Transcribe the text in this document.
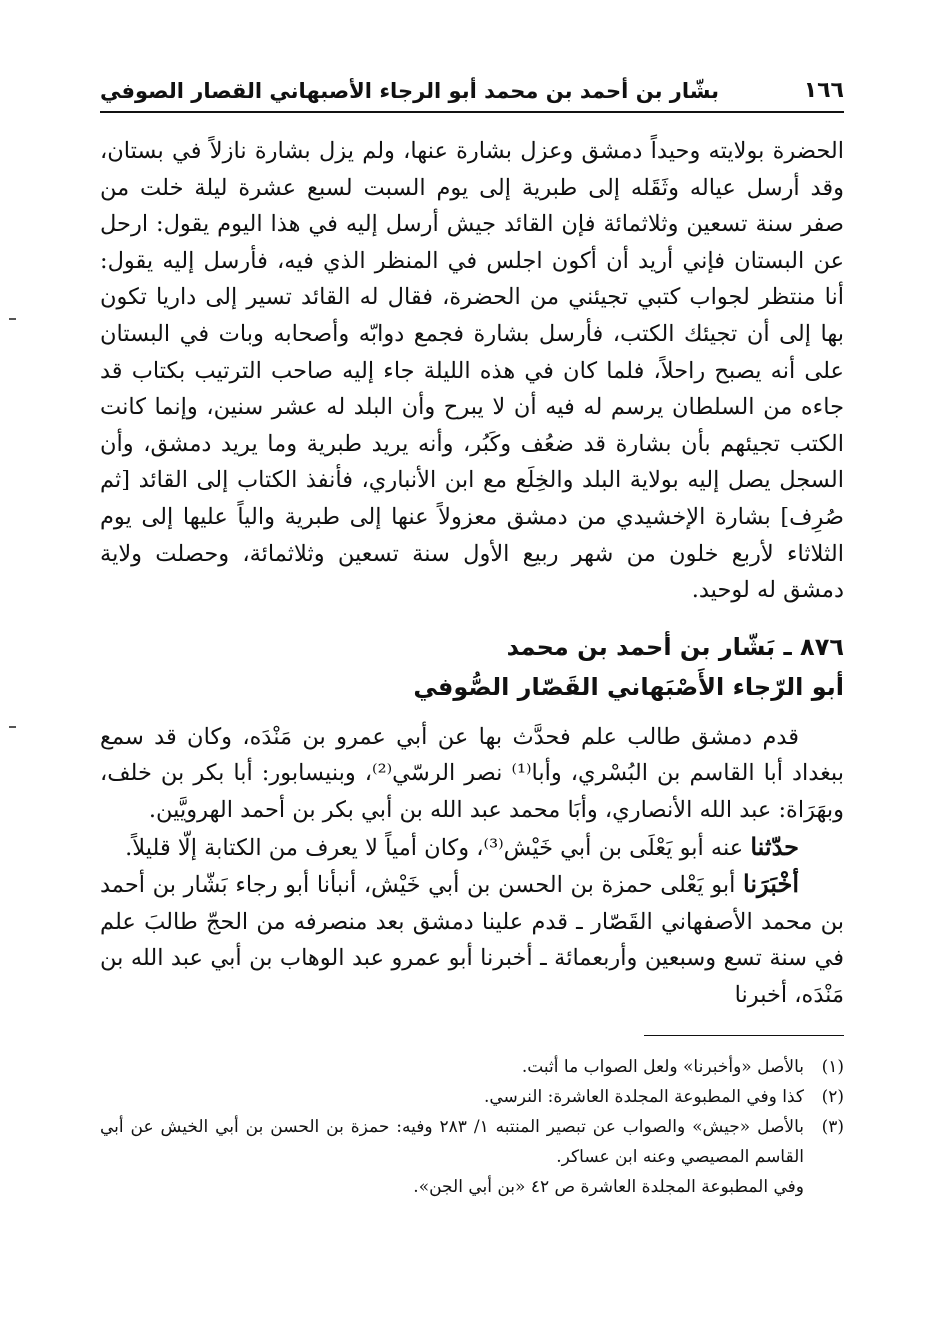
١٦٦
بشّار بن أحمد بن محمد أبو الرجاء الأصبهاني القصار الصوفي

الحضرة بولايته وحيداً دمشق وعزل بشارة عنها، ولم يزل بشارة نازلاً في بستان، وقد أرسل عياله وثَقَله إلى طبرية إلى يوم السبت لسبع عشرة ليلة خلت من صفر سنة تسعين وثلاثمائة فإن القائد جيش أرسل إليه في هذا اليوم يقول: ارحل عن البستان فإني أريد أن أكون اجلس في المنظر الذي فيه، فأرسل إليه يقول: أنا منتظر لجواب كتبي تجيئني من الحضرة، فقال له القائد تسير إلى داريا تكون بها إلى أن تجيئك الكتب، فأرسل بشارة فجمع دوابّه وأصحابه وبات في البستان على أنه يصبح راحلاً، فلما كان في هذه الليلة جاء إليه صاحب الترتيب بكتاب قد جاءه من السلطان يرسم له فيه أن لا يبرح وأن البلد له عشر سنين، وإنما كانت الكتب تجيئهم بأن بشارة قد ضعُف وكَبُر، وأنه يريد طبرية وما يريد دمشق، وأن السجل يصل إليه بولاية البلد والخِلَع مع ابن الأنباري، فأنفذ الكتاب إلى القائد [ثم صُرِف] بشارة الإخشيدي من دمشق معزولاً عنها إلى طبرية والياً عليها إلى يوم الثلاثاء لأربع خلون من شهر ربيع الأول سنة تسعين وثلاثمائة، وحصلت ولاية دمشق له لوحيد.

٨٧٦ ـ بَشّار بن أحمد بن محمد
أبو الرّجاء الأَصْبَهاني القَصّار الصُّوفي

قدم دمشق طالب علم فحدَّث بها عن أبي عمرو بن مَنْدَه، وكان قد سمع ببغداد أبا القاسم بن البُسْري، وأبا⁽¹⁾ نصر الرسّي⁽²⁾، وبنيسابور: أبا بكر بن خلف، وبهَرَاة: عبد الله الأنصاري، وأبَا محمد عبد الله بن أبي بكر بن أحمد الهرويَّين.

حدّثنا عنه أبو يَعْلَى بن أبي خَيْش⁽³⁾، وكان أمياً لا يعرف من الكتابة إلّا قليلاً.

أخْبَرَنا أبو يَعْلى حمزة بن الحسن بن أبي خَيْش، أنبأنا أبو رجاء بَشّار بن أحمد بن محمد الأصفهاني القَصّار ـ قدم علينا دمشق بعد منصرفه من الحجّ طالبَ علم في سنة تسع وسبعين وأربعمائة ـ أخبرنا أبو عمرو عبد الوهاب بن أبي عبد الله بن مَنْدَه، أخبرنا

(١)
بالأصل «وأخبرنا» ولعل الصواب ما أثبت.
(٢)
كذا وفي المطبوعة المجلدة العاشرة: النرسي.
(٣)
بالأصل «جيش» والصواب عن تبصير المنتبه ١/ ٢٨٣ وفيه: حمزة بن الحسن بن أبي الخيش عن أبي القاسم المصيصي وعنه ابن عساكر.
وفي المطبوعة المجلدة العاشرة ص ٤٢ «بن أبي الجن».
